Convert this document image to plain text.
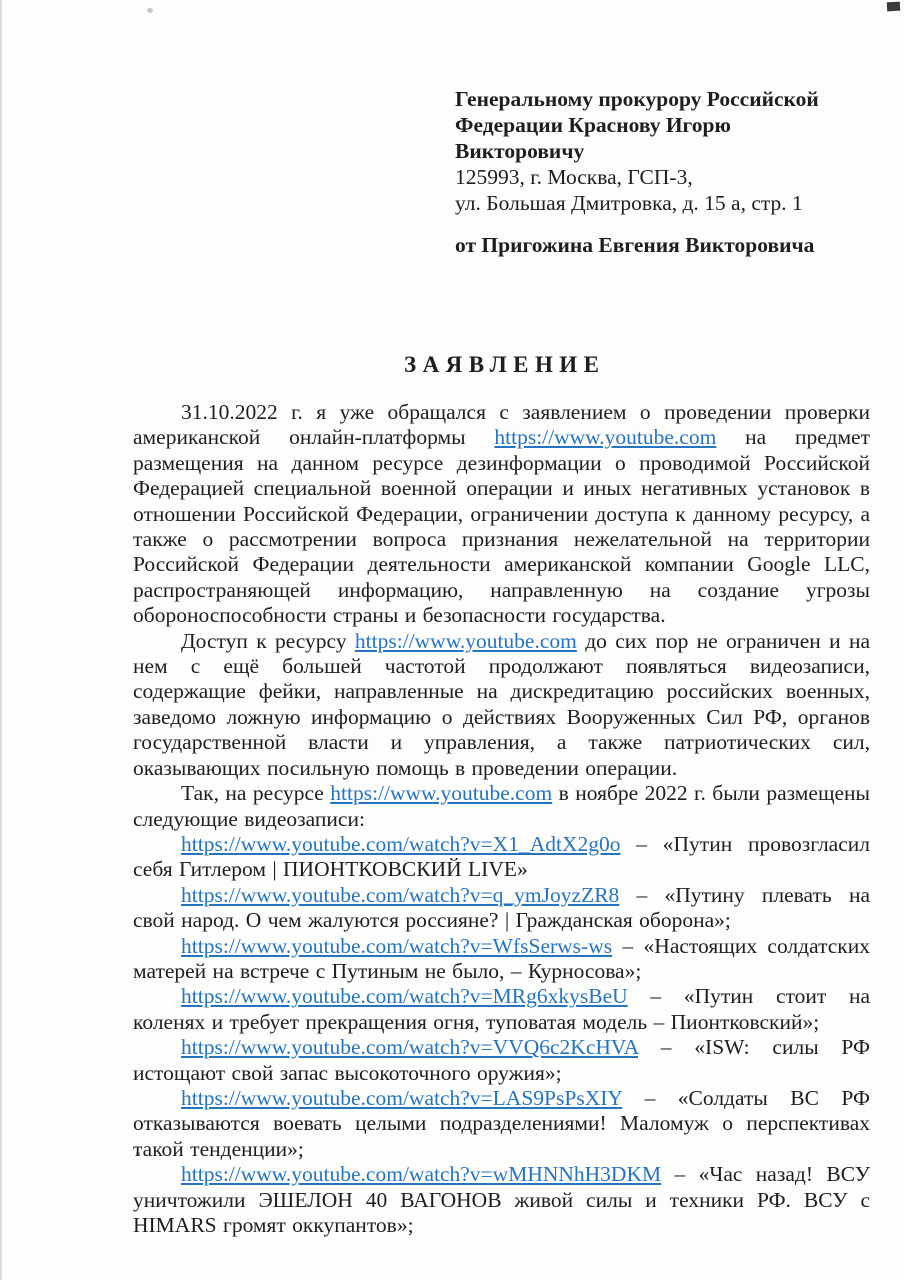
Генеральному прокурору Российской
Федерации Краснову Игорю
Викторовичу
125993, г. Москва, ГСП-3,
ул. Большая Дмитровка, д. 15 а, стр. 1
от Пригожина Евгения Викторовича
ЗАЯВЛЕНИЕ

31.10.2022 г. я уже обращался с заявлением о проведении проверки американской онлайн-платформы https://www.youtube.com на предмет размещения на данном ресурсе дезинформации о проводимой Российской Федерацией специальной военной операции и иных негативных установок в отношении Российской Федерации, ограничении доступа к данному ресурсу, а также о рассмотрении вопроса признания нежелательной на территории Российской Федерации деятельности американской компании Google LLC, распространяющей информацию, направленную на создание угрозы обороноспособности страны и безопасности государства.

Доступ к ресурсу https://www.youtube.com до сих пор не ограничен и на нем с ещё большей частотой продолжают появляться видеозаписи, содержащие фейки, направленные на дискредитацию российских военных, заведомо ложную информацию о действиях Вооруженных Сил РФ, органов государственной власти и управления, а также патриотических сил, оказывающих посильную помощь в проведении операции.

Так, на ресурсе https://www.youtube.com в ноябре 2022 г. были размещены следующие видеозаписи:

https://www.youtube.com/watch?v=X1_AdtX2g0o – «Путин провозгласил себя Гитлером | ПИОНТКОВСКИЙ LIVE»

https://www.youtube.com/watch?v=q_ymJoyzZR8 – «Путину плевать на свой народ. О чем жалуются россияне? | Гражданская оборона»;

https://www.youtube.com/watch?v=WfsSerws-ws – «Настоящих солдатских матерей на встрече с Путиным не было, – Курносова»;

https://www.youtube.com/watch?v=MRg6xkysBeU – «Путин стоит на коленях и требует прекращения огня, туповатая модель – Пионтковский»;

https://www.youtube.com/watch?v=VVQ6c2KcHVA – «ISW: силы РФ истощают свой запас высокоточного оружия»;

https://www.youtube.com/watch?v=LAS9PsPsXIY – «Солдаты ВС РФ отказываются воевать целыми подразделениями! Маломуж о перспективах такой тенденции»;

https://www.youtube.com/watch?v=wMHNNhH3DKM – «Час назад! ВСУ уничтожили ЭШЕЛОН 40 ВАГОНОВ живой силы и техники РФ. ВСУ с HIMARS громят оккупантов»;
